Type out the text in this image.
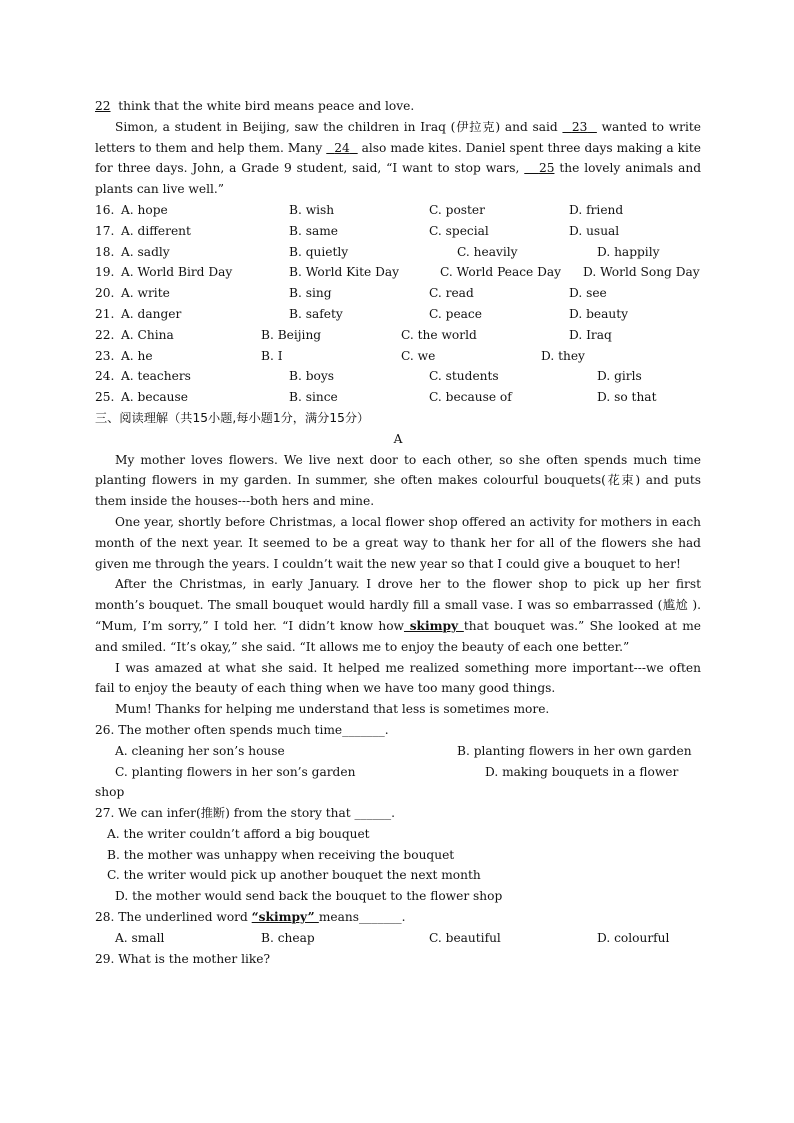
22 think that the white bird means peace and love.

Simon, a student in Beijing, saw the children in Iraq (伊拉克) and said   23   wanted to write letters to them and help them. Many   24   also made kites. Daniel spent three days making a kite for three days. John, a Grade 9 student, said, “I want to stop wars,    25 the lovely animals and plants can live well.”

16. A. hope	B. wish	C. poster	D. friend
17. A. different	B. same	C. special	D. usual
18. A. sadly	B. quietly	C. heavily	D. happily
19. A. World Bird Day	B. World Kite Day	C. World Peace Day D. World Song Day
20. A. write	B. sing	C. read	D. see
21. A. danger	B. safety	C. peace	D. beauty
22. A. China	B. Beijing	C. the world	D. Iraq
23. A. he	B. I	C. we	D. they
24. A. teachers	B. boys	C. students	D. girls
25. A. because	B. since	C. because of	D. so that

三、阅读理解（共15小题,每小题1分，满分15分）

A

My mother loves flowers. We live next door to each other, so she often spends much time planting flowers in my garden. In summer, she often makes colourful bouquets(花束) and puts them inside the houses---both hers and mine.

One year, shortly before Christmas, a local flower shop offered an activity for mothers in each month of the next year. It seemed to be a great way to thank her for all of the flowers she had given me through the years. I couldn’t wait the new year so that I could give a bouquet to her!

After the Christmas, in early January. I drove her to the flower shop to pick up her first month’s bouquet. The small bouquet would hardly fill a small vase. I was so embarrassed (尴尬 ). “Mum, I’m sorry,” I told her. “I didn’t know how skimpy that bouquet was.” She looked at me and smiled. “It’s okay,” she said. “It allows me to enjoy the beauty of each one better.”

I was amazed at what she said. It helped me realized something more important---we often fail to enjoy the beauty of each thing when we have too many good things.

Mum! Thanks for helping me understand that less is sometimes more.

26. The mother often spends much time_______.

A. cleaning her son’s house	B. planting flowers in her own garden
C. planting flowers in her son’s garden	D. making bouquets in a flower

shop

27. We can infer(推断) from the story that ______.

A. the writer couldn’t afford a big bouquet

B. the mother was unhappy when receiving the bouquet

C. the writer would pick up another bouquet the next month

D. the mother would send back the bouquet to the flower shop

28. The underlined word “skimpy” means_______.

A. small	B. cheap	C. beautiful	D. colourful

29. What is the mother like?
